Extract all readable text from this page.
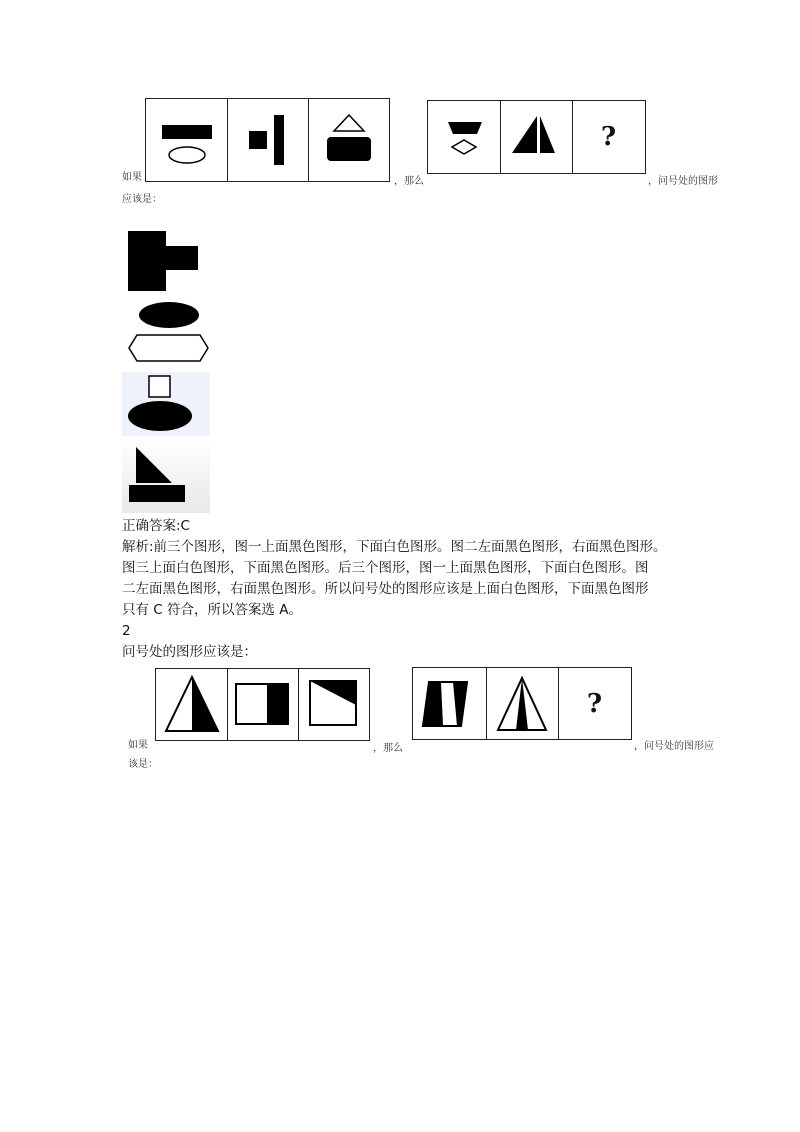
如果	，那么
?
，问号处的图形
应该是：
正确答案:C
解析:前三个图形，图一上面黑色图形，下面白色图形。图二左面黑色图形，右面黑色图形。
图三上面白色图形，下面黑色图形。后三个图形，图一上面黑色图形，下面白色图形。图
二左面黑色图形，右面黑色图形。所以问号处的图形应该是上面白色图形，下面黑色图形
只有 C 符合，所以答案选 A。
2
问号处的图形应该是：
如果	，那么
?
，问号处的图形应
该是：
